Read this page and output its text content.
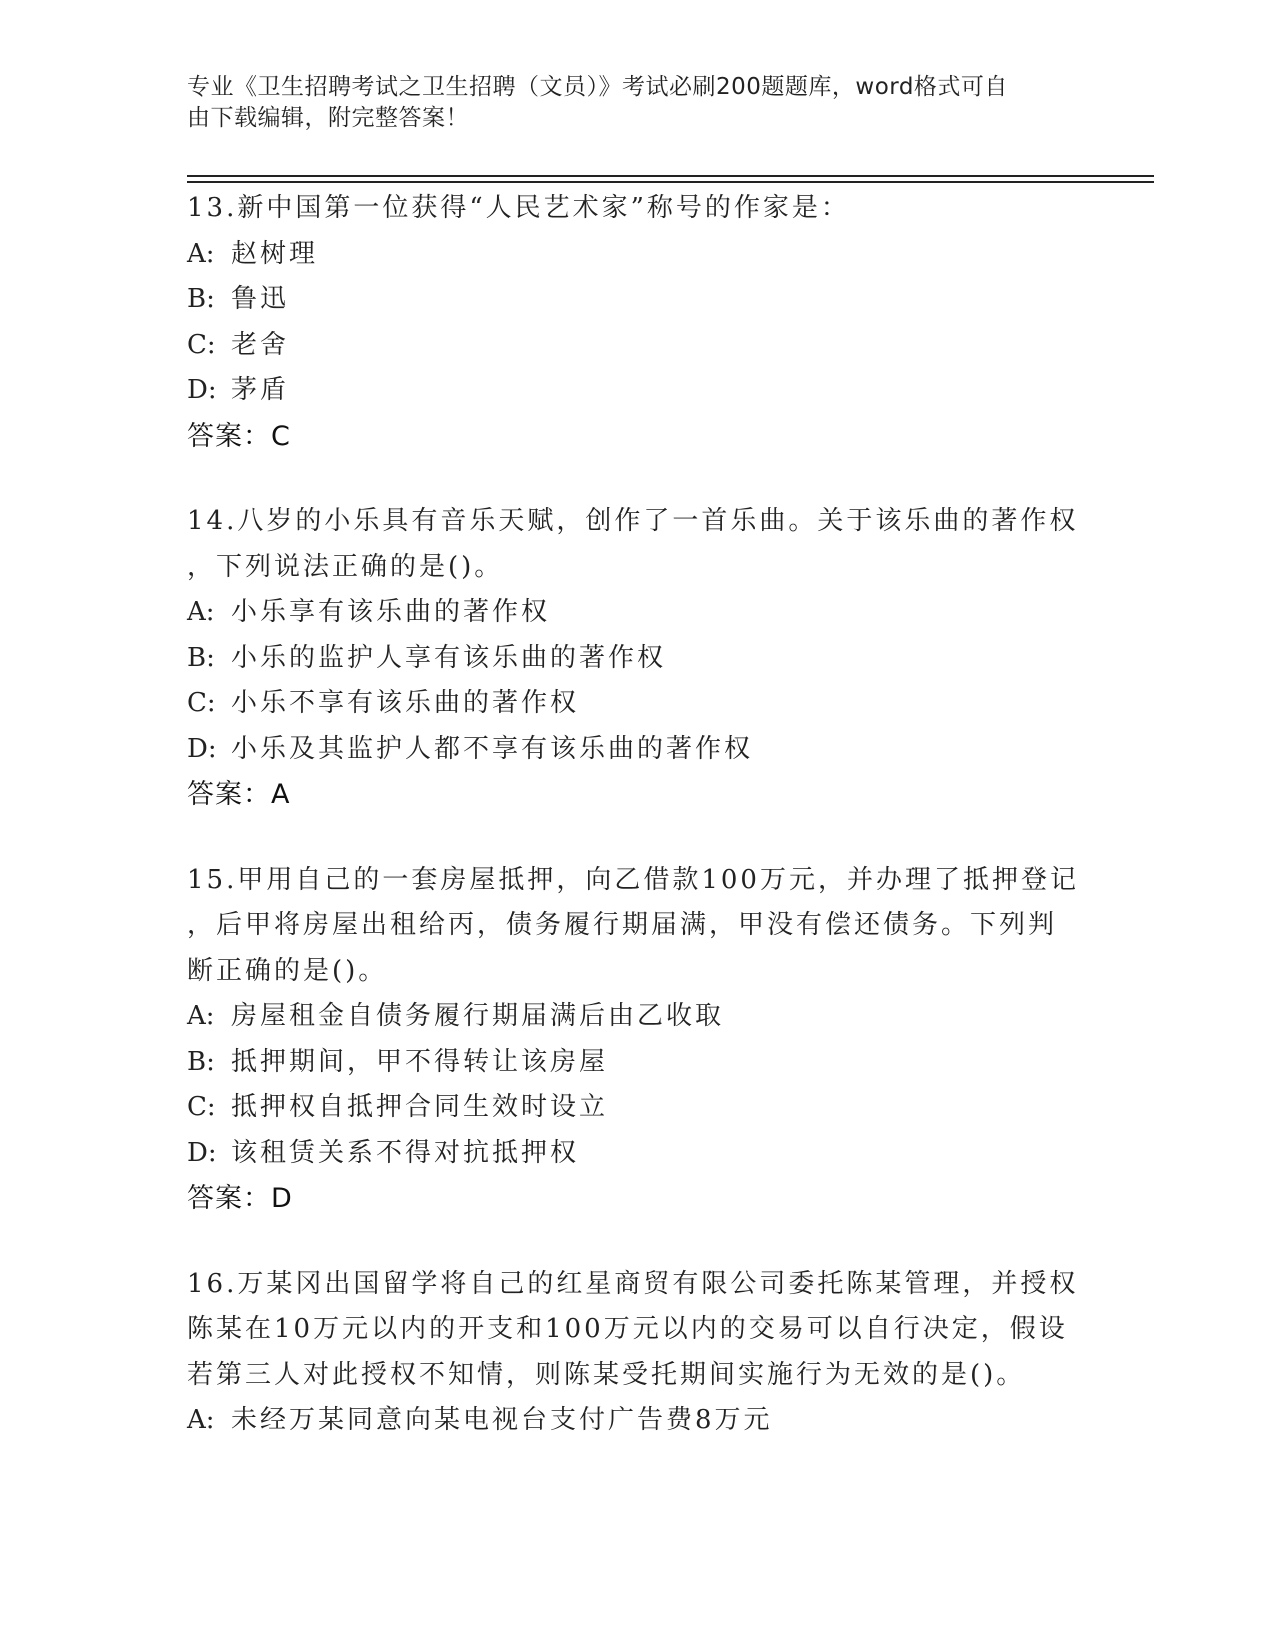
专业《卫生招聘考试之卫生招聘（文员）》考试必刷200题题库，word格式可自
由下载编辑，附完整答案！
13.新中国第一位获得“人民艺术家”称号的作家是：
A: 赵树理
B: 鲁迅
C: 老舍
D: 茅盾
答案：C
14.八岁的小乐具有音乐天赋，创作了一首乐曲。关于该乐曲的著作权
，下列说法正确的是()。
A: 小乐享有该乐曲的著作权
B: 小乐的监护人享有该乐曲的著作权
C: 小乐不享有该乐曲的著作权
D: 小乐及其监护人都不享有该乐曲的著作权
答案：A
15.甲用自己的一套房屋抵押，向乙借款100万元，并办理了抵押登记
，后甲将房屋出租给丙，债务履行期届满，甲没有偿还债务。下列判
断正确的是()。
A: 房屋租金自债务履行期届满后由乙收取
B: 抵押期间，甲不得转让该房屋
C: 抵押权自抵押合同生效时设立
D: 该租赁关系不得对抗抵押权
答案：D
16.万某冈出国留学将自己的红星商贸有限公司委托陈某管理，并授权
陈某在10万元以内的开支和100万元以内的交易可以自行决定，假设
若第三人对此授权不知情，则陈某受托期间实施行为无效的是()。
A: 未经万某同意向某电视台支付广告费8万元
